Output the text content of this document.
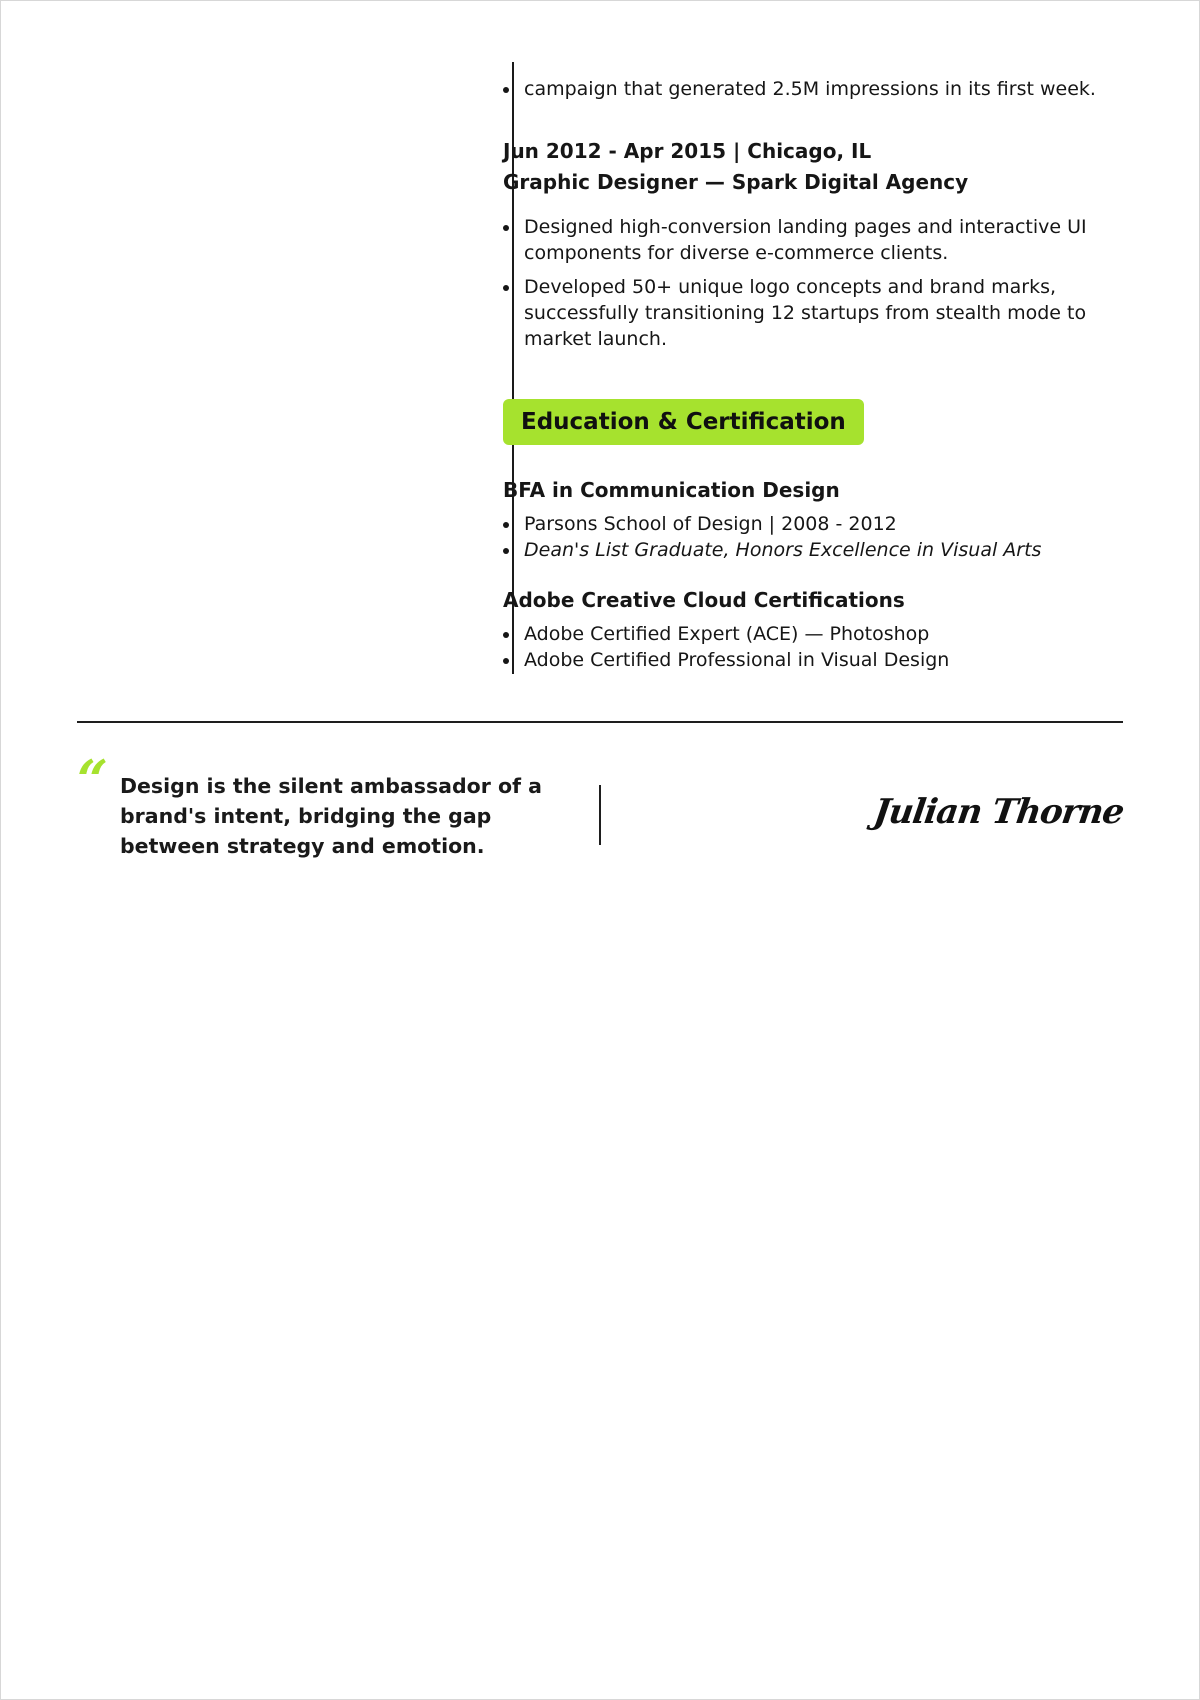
campaign that generated 2.5M impressions in its first week.
Jun 2012 - Apr 2015 | Chicago, IL
Graphic Designer — Spark Digital Agency
Designed high-conversion landing pages and interactive UI components for diverse e-commerce clients.
Developed 50+ unique logo concepts and brand marks, successfully transitioning 12 startups from stealth mode to market launch.
Education & Certification
BFA in Communication Design
Parsons School of Design | 2008 - 2012
Dean's List Graduate, Honors Excellence in Visual Arts
Adobe Creative Cloud Certifications
Adobe Certified Expert (ACE) — Photoshop
Adobe Certified Professional in Visual Design
“ Design is the silent ambassador of a brand's intent, bridging the gap between strategy and emotion.
Julian Thorne
